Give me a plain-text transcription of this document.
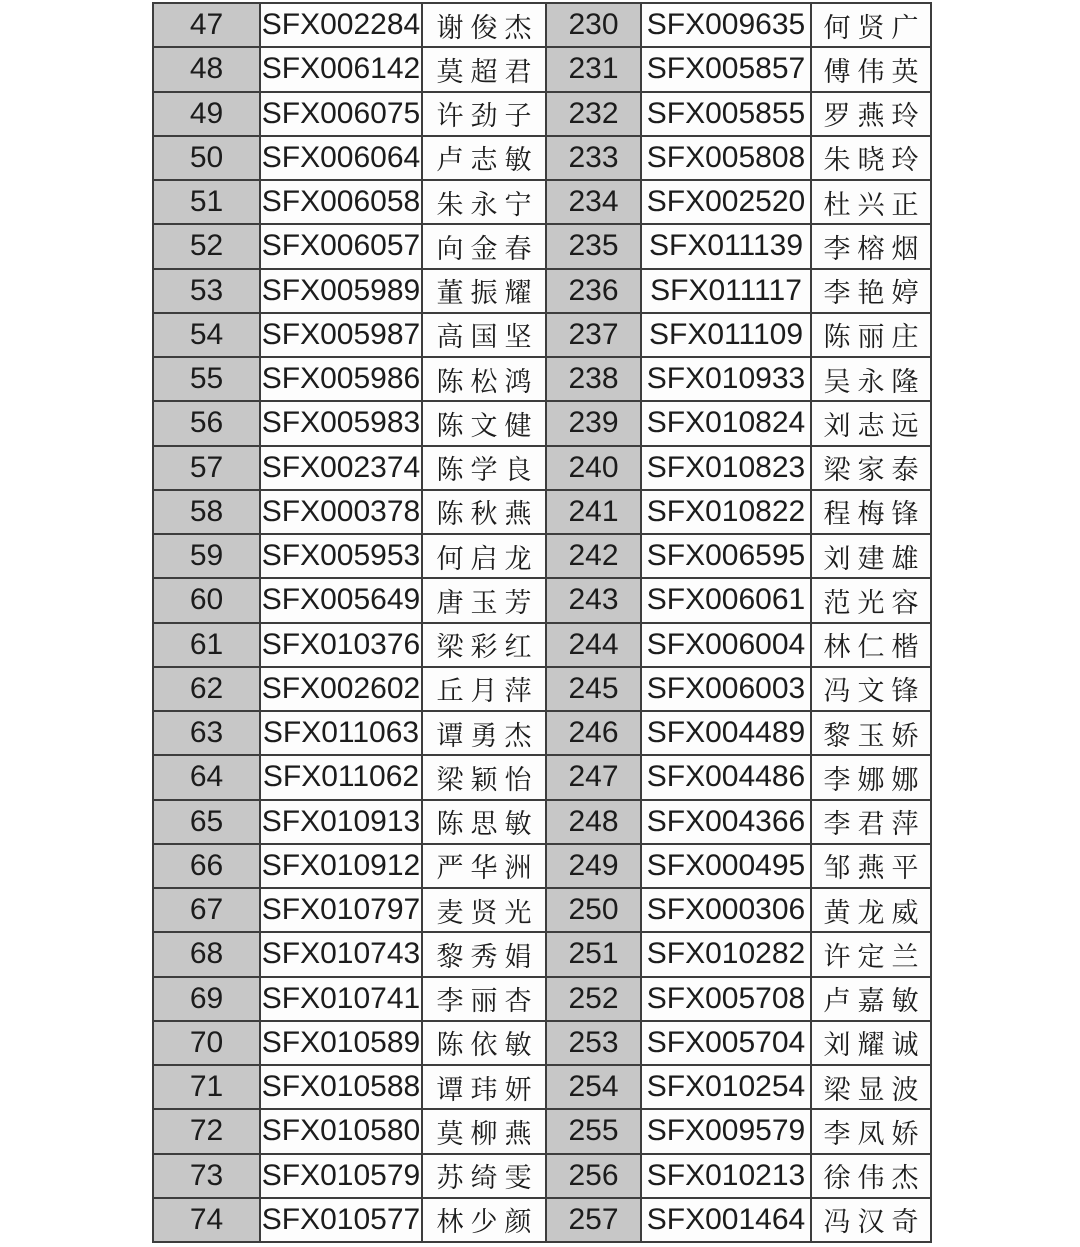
47	SFX002284	谢俊杰	230	SFX009635	何贤广
48	SFX006142	莫超君	231	SFX005857	傅伟英
49	SFX006075	许劲子	232	SFX005855	罗燕玲
50	SFX006064	卢志敏	233	SFX005808	朱晓玲
51	SFX006058	朱永宁	234	SFX002520	杜兴正
52	SFX006057	向金春	235	SFX011139	李榕烟
53	SFX005989	董振耀	236	SFX011117	李艳婷
54	SFX005987	高国坚	237	SFX011109	陈丽庄
55	SFX005986	陈松鸿	238	SFX010933	吴永隆
56	SFX005983	陈文健	239	SFX010824	刘志远
57	SFX002374	陈学良	240	SFX010823	梁家泰
58	SFX000378	陈秋燕	241	SFX010822	程梅锋
59	SFX005953	何启龙	242	SFX006595	刘建雄
60	SFX005649	唐玉芳	243	SFX006061	范光容
61	SFX010376	梁彩红	244	SFX006004	林仁楷
62	SFX002602	丘月萍	245	SFX006003	冯文锋
63	SFX011063	谭勇杰	246	SFX004489	黎玉娇
64	SFX011062	梁颖怡	247	SFX004486	李娜娜
65	SFX010913	陈思敏	248	SFX004366	李君萍
66	SFX010912	严华洲	249	SFX000495	邹燕平
67	SFX010797	麦贤光	250	SFX000306	黄龙威
68	SFX010743	黎秀娟	251	SFX010282	许定兰
69	SFX010741	李丽杏	252	SFX005708	卢嘉敏
70	SFX010589	陈依敏	253	SFX005704	刘耀诚
71	SFX010588	谭玮妍	254	SFX010254	梁显波
72	SFX010580	莫柳燕	255	SFX009579	李凤娇
73	SFX010579	苏绮雯	256	SFX010213	徐伟杰
74	SFX010577	林少颜	257	SFX001464	冯汉奇
